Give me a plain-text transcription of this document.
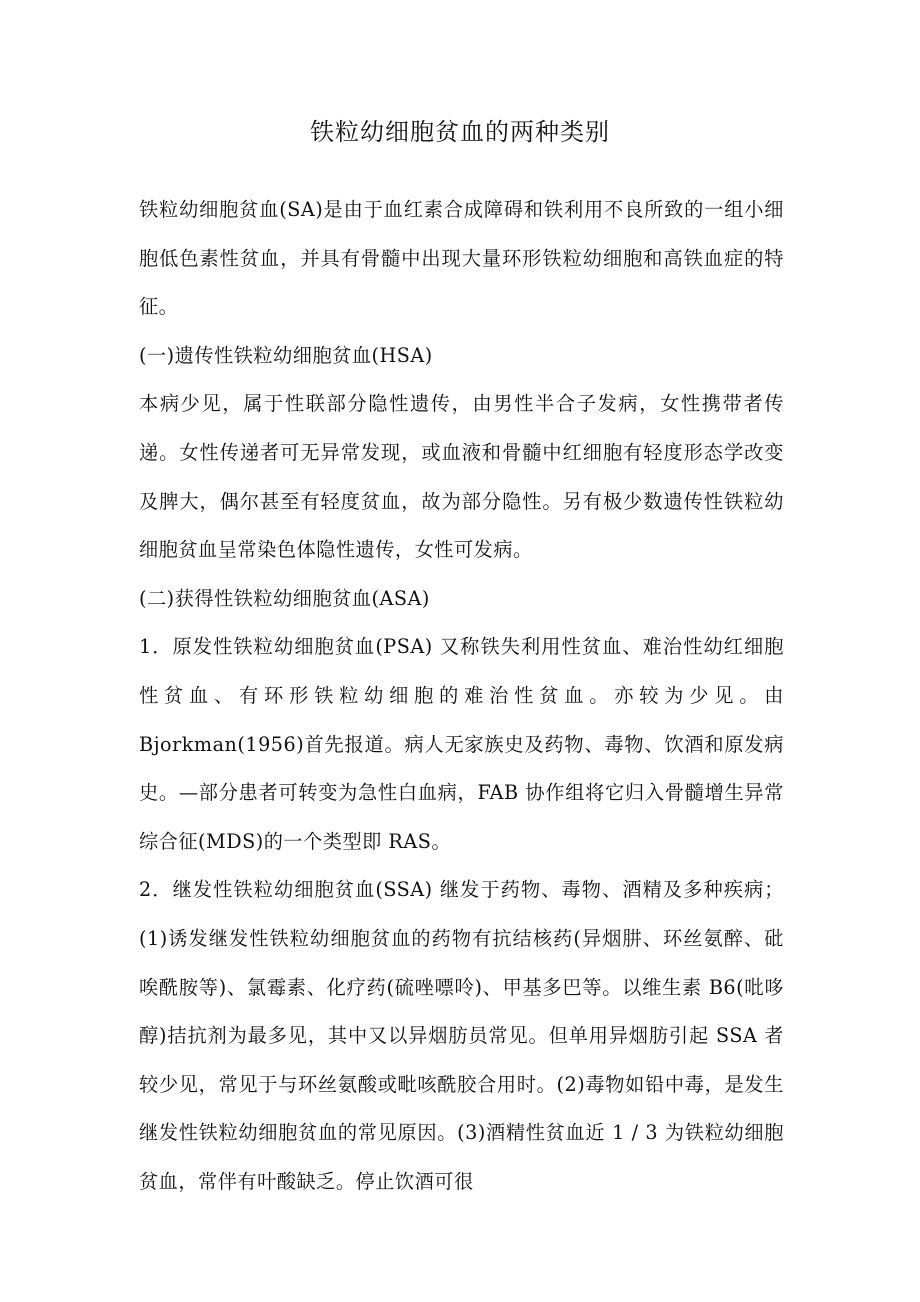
铁粒幼细胞贫血的两种类别

铁粒幼细胞贫血(SA)是由于血红素合成障碍和铁利用不良所致的一组小细胞低色素性贫血，并具有骨髓中出现大量环形铁粒幼细胞和高铁血症的特征。

(一)遗传性铁粒幼细胞贫血(HSA)

本病少见，属于性联部分隐性遗传，由男性半合子发病，女性携带者传递。女性传递者可无异常发现，或血液和骨髓中红细胞有轻度形态学改变及脾大，偶尔甚至有轻度贫血，故为部分隐性。另有极少数遗传性铁粒幼细胞贫血呈常染色体隐性遗传，女性可发病。

(二)获得性铁粒幼细胞贫血(ASA)

1．原发性铁粒幼细胞贫血(PSA) 又称铁失利用性贫血、难治性幼红细胞性贫血、有环形铁粒幼细胞的难治性贫血。亦较为少见。由Bjorkman(1956)首先报道。病人无家族史及药物、毒物、饮酒和原发病史。—部分患者可转变为急性白血病，FAB 协作组将它归入骨髓增生异常综合征(MDS)的一个类型即 RAS。

2．继发性铁粒幼细胞贫血(SSA) 继发于药物、毒物、酒精及多种疾病；(1)诱发继发性铁粒幼细胞贫血的药物有抗结核药(异烟肼、环丝氨醉、砒唉酰胺等)、氯霉素、化疗药(硫唑嘌呤)、甲基多巴等。以维生素 B6(吡哆醇)拮抗剂为最多见，其中又以异烟肪员常见。但单用异烟肪引起 SSA 者较少见，常见于与环丝氨酸或毗咳酰胶合用时。(2)毒物如铅中毒，是发生继发性铁粒幼细胞贫血的常见原因。(3)酒精性贫血近 1 / 3 为铁粒幼细胞贫血，常伴有叶酸缺乏。停止饮酒可很
